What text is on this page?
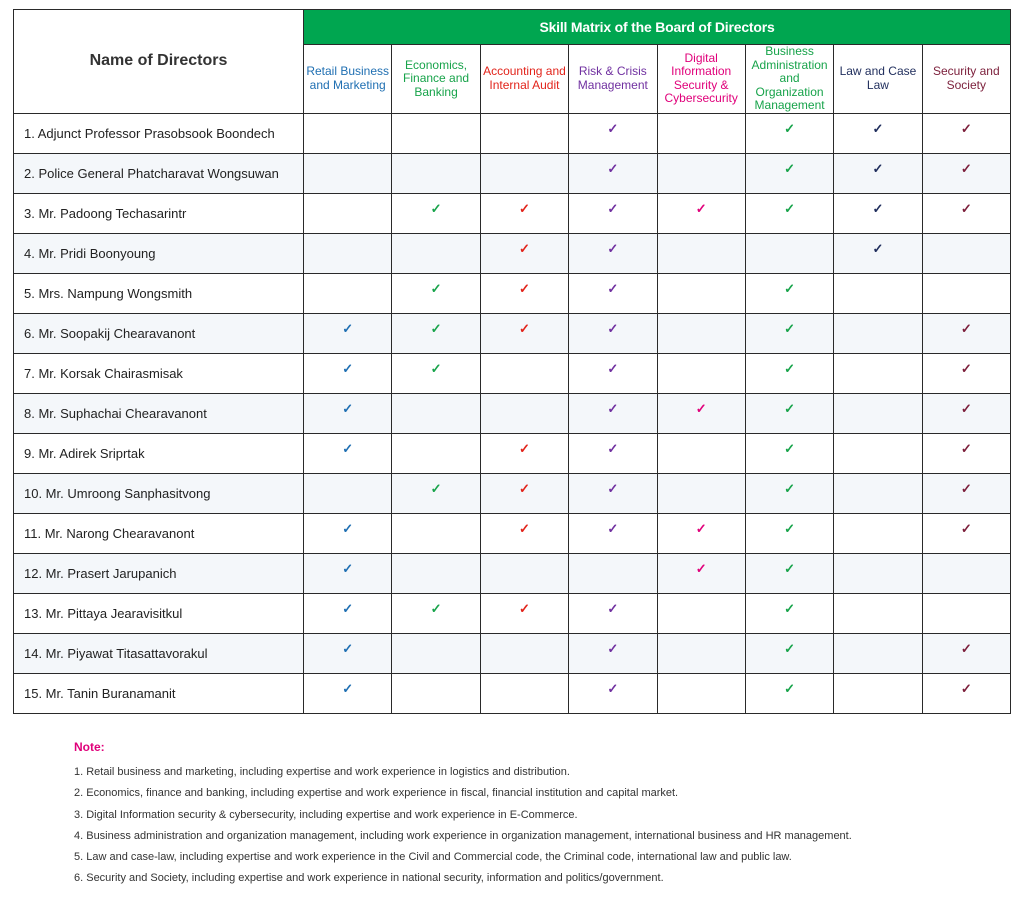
Name of Directors	Skill Matrix of the Board of Directors							
	Retail Business and Marketing	Economics, Finance and Banking	Accounting and Internal Audit	Risk & Crisis Management	Digital Information Security & Cybersecurity	Business Administration and Organization Management	Law and Case Law	Security and Society
1. Adjunct Professor Prasobsook Boondech				✓		✓	✓	✓
2. Police General Phatcharavat Wongsuwan				✓		✓	✓	✓
3. Mr. Padoong Techasarintr		✓	✓	✓	✓	✓	✓	✓
4. Mr. Pridi Boonyoung			✓	✓			✓	
5. Mrs. Nampung Wongsmith		✓	✓	✓		✓		
6. Mr. Soopakij Chearavanont	✓	✓	✓	✓		✓		✓
7. Mr. Korsak Chairasmisak	✓	✓		✓		✓		✓
8. Mr. Suphachai Chearavanont	✓			✓	✓	✓		✓
9. Mr. Adirek Sriprtak	✓		✓	✓		✓		✓
10. Mr. Umroong Sanphasitvong		✓	✓	✓		✓		✓
11. Mr. Narong Chearavanont	✓		✓	✓	✓	✓		✓
12. Mr. Prasert Jarupanich	✓				✓	✓		
13. Mr. Pittaya Jearavisitkul	✓	✓	✓	✓		✓		
14. Mr. Piyawat Titasattavorakul	✓			✓		✓		✓
15. Mr. Tanin Buranamanit	✓			✓		✓		✓

Note:

1. Retail business and marketing, including expertise and work experience in logistics and distribution.

2. Economics, finance and banking, including expertise and work experience in fiscal, financial institution and capital market.

3. Digital Information security & cybersecurity, including expertise and work experience in E-Commerce.

4. Business administration and organization management, including work experience in organization management, international business and HR management.

5. Law and case-law, including expertise and work experience in the Civil and Commercial code, the Criminal code, international law and public law.

6. Security and Society, including expertise and work experience in national security, information and politics/government.
